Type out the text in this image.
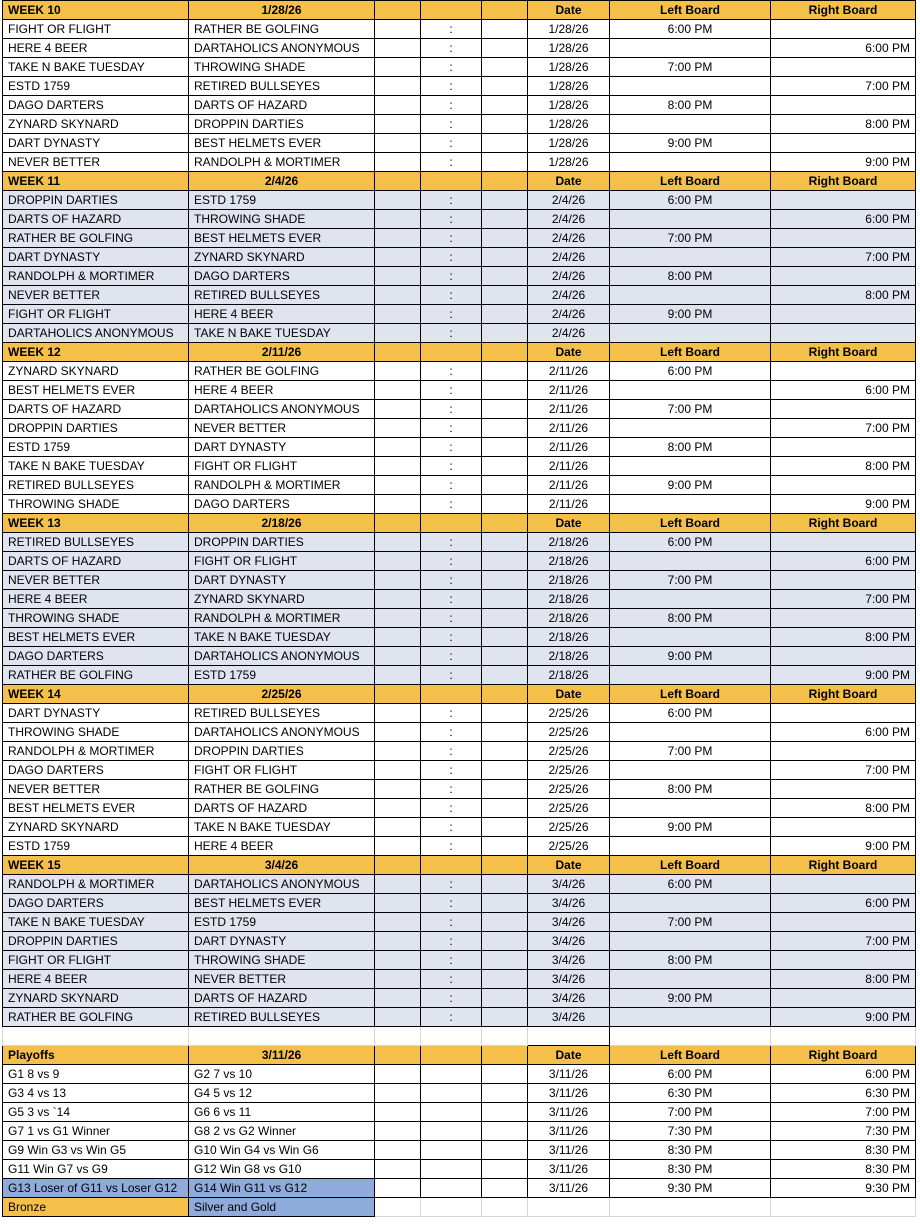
WEEK 10	1/28/26				Date	Left Board	Right Board
FIGHT OR FLIGHT	RATHER BE GOLFING		:		1/28/26	6:00 PM	
HERE 4 BEER	DARTAHOLICS ANONYMOUS		:		1/28/26		6:00 PM
TAKE N BAKE TUESDAY	THROWING SHADE		:		1/28/26	7:00 PM	
ESTD 1759	RETIRED BULLSEYES		:		1/28/26		7:00 PM
DAGO DARTERS	DARTS OF HAZARD		:		1/28/26	8:00 PM	
ZYNARD SKYNARD	DROPPIN DARTIES		:		1/28/26		8:00 PM
DART DYNASTY	BEST HELMETS EVER		:		1/28/26	9:00 PM	
NEVER BETTER	RANDOLPH & MORTIMER		:		1/28/26		9:00 PM
WEEK 11	2/4/26				Date	Left Board	Right Board
DROPPIN DARTIES	ESTD 1759		:		2/4/26	6:00 PM	
DARTS OF HAZARD	THROWING SHADE		:		2/4/26		6:00 PM
RATHER BE GOLFING	BEST HELMETS EVER		:		2/4/26	7:00 PM	
DART DYNASTY	ZYNARD SKYNARD		:		2/4/26		7:00 PM
RANDOLPH & MORTIMER	DAGO DARTERS		:		2/4/26	8:00 PM	
NEVER BETTER	RETIRED BULLSEYES		:		2/4/26		8:00 PM
FIGHT OR FLIGHT	HERE 4 BEER		:		2/4/26	9:00 PM	
DARTAHOLICS ANONYMOUS	TAKE N BAKE TUESDAY		:		2/4/26		
WEEK 12	2/11/26				Date	Left Board	Right Board
ZYNARD SKYNARD	RATHER BE GOLFING		:		2/11/26	6:00 PM	
BEST HELMETS EVER	HERE 4 BEER		:		2/11/26		6:00 PM
DARTS OF HAZARD	DARTAHOLICS ANONYMOUS		:		2/11/26	7:00 PM	
DROPPIN DARTIES	NEVER BETTER		:		2/11/26		7:00 PM
ESTD 1759	DART DYNASTY		:		2/11/26	8:00 PM	
TAKE N BAKE TUESDAY	FIGHT OR FLIGHT		:		2/11/26		8:00 PM
RETIRED BULLSEYES	RANDOLPH & MORTIMER		:		2/11/26	9:00 PM	
THROWING SHADE	DAGO DARTERS		:		2/11/26		9:00 PM
WEEK 13	2/18/26				Date	Left Board	Right Board
RETIRED BULLSEYES	DROPPIN DARTIES		:		2/18/26	6:00 PM	
DARTS OF HAZARD	FIGHT OR FLIGHT		:		2/18/26		6:00 PM
NEVER BETTER	DART DYNASTY		:		2/18/26	7:00 PM	
HERE 4 BEER	ZYNARD SKYNARD		:		2/18/26		7:00 PM
THROWING SHADE	RANDOLPH & MORTIMER		:		2/18/26	8:00 PM	
BEST HELMETS EVER	TAKE N BAKE TUESDAY		:		2/18/26		8:00 PM
DAGO DARTERS	DARTAHOLICS ANONYMOUS		:		2/18/26	9:00 PM	
RATHER BE GOLFING	ESTD 1759		:		2/18/26		9:00 PM
WEEK 14	2/25/26				Date	Left Board	Right Board
DART DYNASTY	RETIRED BULLSEYES		:		2/25/26	6:00 PM	
THROWING SHADE	DARTAHOLICS ANONYMOUS		:		2/25/26		6:00 PM
RANDOLPH & MORTIMER	DROPPIN DARTIES		:		2/25/26	7:00 PM	
DAGO DARTERS	FIGHT OR FLIGHT		:		2/25/26		7:00 PM
NEVER BETTER	RATHER BE GOLFING		:		2/25/26	8:00 PM	
BEST HELMETS EVER	DARTS OF HAZARD		:		2/25/26		8:00 PM
ZYNARD SKYNARD	TAKE N BAKE TUESDAY		:		2/25/26	9:00 PM	
ESTD 1759	HERE 4 BEER		:		2/25/26		9:00 PM
WEEK 15	3/4/26				Date	Left Board	Right Board
RANDOLPH & MORTIMER	DARTAHOLICS ANONYMOUS		:		3/4/26	6:00 PM	
DAGO DARTERS	BEST HELMETS EVER		:		3/4/26		6:00 PM
TAKE N BAKE TUESDAY	ESTD 1759		:		3/4/26	7:00 PM	
DROPPIN DARTIES	DART DYNASTY		:		3/4/26		7:00 PM
FIGHT OR FLIGHT	THROWING SHADE		:		3/4/26	8:00 PM	
HERE 4 BEER	NEVER BETTER		:		3/4/26		8:00 PM
ZYNARD SKYNARD	DARTS OF HAZARD		:		3/4/26	9:00 PM	
RATHER BE GOLFING	RETIRED BULLSEYES		:		3/4/26		9:00 PM

Playoffs	3/11/26				Date	Left Board	Right Board
G1 8 vs 9	G2 7 vs 10				3/11/26	6:00 PM	6:00 PM
G3 4 vs 13	G4 5 vs 12				3/11/26	6:30 PM	6:30 PM
G5 3 vs `14	G6 6 vs 11				3/11/26	7:00 PM	7:00 PM
G7 1 vs G1 Winner	G8 2 vs G2 Winner				3/11/26	7:30 PM	7:30 PM
G9 Win G3 vs Win G5	G10 Win G4 vs Win G6				3/11/26	8:30 PM	8:30 PM
G11 Win G7 vs G9	G12 Win G8 vs G10				3/11/26	8:30 PM	8:30 PM
G13 Loser of G11 vs Loser G12	G14 Win G11 vs G12				3/11/26	9:30 PM	9:30 PM
Bronze	Silver and Gold						
